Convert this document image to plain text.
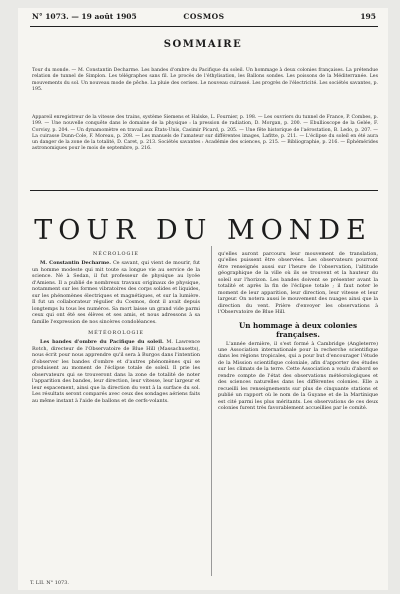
N° 1073. — 19 août 1905	COSMOS	195
SOMMAIRE
Tour du monde. — M. Constantin Decharme. Les bandes d'ombre du Pacifique du soleil. Un hommage à deux colonies françaises. La prétendue relation de tunnel de Simplon. Les télégraphes sans fil. Le procès de l'éthylisation, les Ballons sondes. Les poissons de la Méditerranée. Les mouvements du sol. Un nouveau mode de pêche. La pluie des cerises. Le nouveau cuirassé. Les progrès de l'électricité. Les sociétés savantes, p. 195.
Appareil enregistreur de la vitesse des trains, système Siemens et Halske, L. Fournier, p. 198. — Les ouvriers du tunnel de France, P. Combes, p. 199. — Une nouvelle conquête dans le domaine de la physique : la pression de radiation, D. Morgan, p. 200. — Ebullioscope de la Gelée, F. Corvisy, p. 204. — Un dynamomètre en travail aux États-Unis, Casimir Picard, p. 205. — Une fête historique de l'aérostation, B. Ledo, p. 207. — La cuirasse Dunn-Cole, F. Moreau, p. 208. — Les manuels de l'amateur sur différentes images, Lafitte, p. 211. — L'éclipse du soleil en été aura un danger de la zone de la totalité, D. Caret, p. 213. Sociétés savantes : Académie des sciences, p. 215. — Bibliographie, p. 216. — Éphémérides astronomiques pour le mois de septembre, p. 216.
TOUR DU MONDE

NÉCROLOGIE

M. Constantin Decharme. Ce savant, qui vient de mourir, fut un homme modeste qui mit toute sa longue vie au service de la science. Né à Sedan, il fut professeur de physique au lycée d'Amiens. Il a publié de nombreux travaux originaux de physique, notamment sur les formes vibratoires des corps solides et liquides, sur les phénomènes électriques et magnétiques, et sur la lumière. Il fut un collaborateur régulier du Cosmos, dont il avait depuis longtemps lu tous les numéros. Sa mort laisse un grand vide parmi ceux qui ont été ses élèves et ses amis, et nous adressons à sa famille l'expression de nos sincères condoléances.

MÉTÉOROLOGIE

Les bandes d'ombre du Pacifique du soleil. M. Lawrence Rotch, directeur de l'Observatoire de Blue Hill (Massachusetts), nous écrit pour nous apprendre qu'il sera à Burgos dans l'intention d'observer les bandes d'ombre et d'autres phénomènes qui se produisent au moment de l'éclipse totale de soleil. Il prie les observateurs qui se trouveront dans la zone de totalité de noter l'apparition des bandes, leur direction, leur vitesse, leur largeur et leur espacement, ainsi que la direction du vent à la surface du sol. Les résultats seront comparés avec ceux des sondages aériens faits au même instant à l'aide de ballons et de cerfs-volants.

qu'elles auront parcouru leur mouvement de translation, qu'elles puissent être observées. Les observateurs pourront être renseignés aussi sur l'heure de l'observation, l'altitude géographique de la ville où ils se trouvent et la hauteur du soleil sur l'horizon. Les bandes doivent se présenter avant la totalité et après la fin de l'éclipse totale ; il faut noter le moment de leur apparition, leur direction, leur vitesse et leur largeur. On notera aussi le mouvement des nuages ainsi que la direction du vent. Prière d'envoyer les observations à l'Observatoire de Blue Hill.

Un hommage à deux colonies françaises.

L'année dernière, il s'est formé à Cambridge (Angleterre) une Association internationale pour la recherche scientifique dans les régions tropicales, qui a pour but d'encourager l'étude de la Mission scientifique coloniale, afin d'apporter des études sur les climats de la terre. Cette Association a voulu d'abord se rendre compte de l'état des observations météorologiques et des sciences naturelles dans les différentes colonies. Elle a recueilli les renseignements sur plus de cinquante stations et publié un rapport où le nom de la Guyane et de la Martinique est cité parmi les plus méritants. Les observations de ces deux colonies furent très favorablement accueillies par le comité.

T. LII. N° 1073.
